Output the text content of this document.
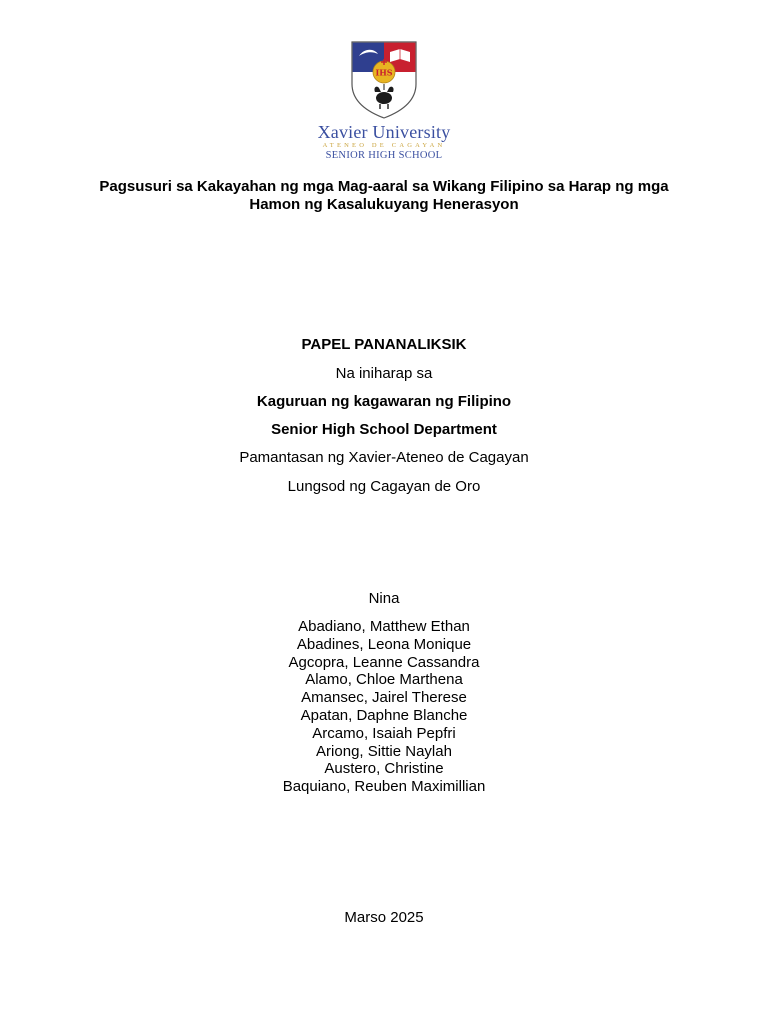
IHS
Xavier University
ATENEO DE CAGAYAN
SENIOR HIGH SCHOOL
Pagsusuri sa Kakayahan ng mga Mag-aaral sa Wikang Filipino sa Harap ng mga Hamon ng Kasalukuyang Henerasyon
PAPEL PANANALIKSIK
Na iniharap sa
Kaguruan ng kagawaran ng Filipino
Senior High School Department
Pamantasan ng Xavier-Ateneo de Cagayan
Lungsod ng Cagayan de Oro
Nina
Abadiano, Matthew Ethan
Abadines, Leona Monique
Agcopra, Leanne Cassandra
Alamo, Chloe Marthena
Amansec, Jairel Therese
Apatan, Daphne Blanche
Arcamo, Isaiah Pepfri
Ariong, Sittie Naylah
Austero, Christine
Baquiano, Reuben Maximillian
Marso 2025
